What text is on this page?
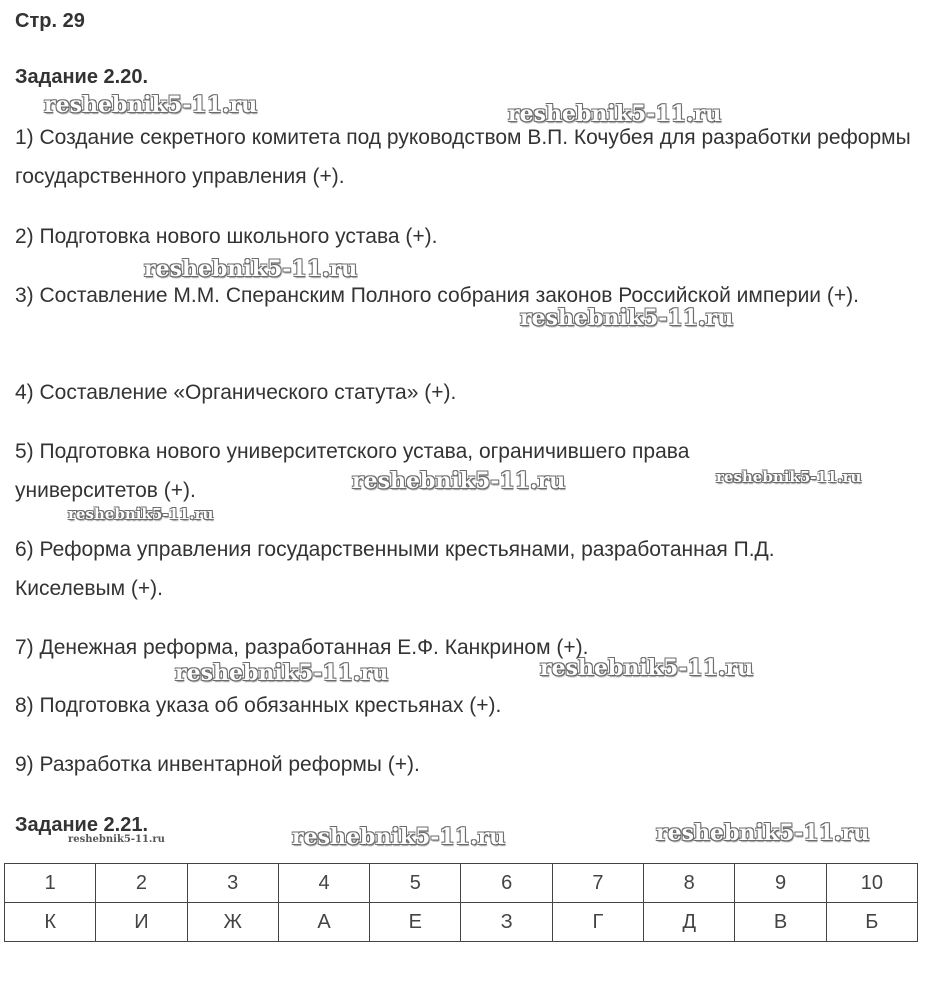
Стр. 29
Задание 2.20.
1) Создание секретного комитета под руководством В.П. Кочубея для разработки реформы государственного управления (+).
2) Подготовка нового школьного устава (+).
3) Составление М.М. Сперанским Полного собрания законов Российской империи (+).
4) Составление «Органического статута» (+).
5) Подготовка нового университетского устава, ограничившего права университетов (+).
6) Реформа управления государственными крестьянами, разработанная П.Д. Киселевым (+).
7) Денежная реформа, разработанная Е.Ф. Канкрином (+).
8) Подготовка указа об обязанных крестьянах (+).
9) Разработка инвентарной реформы (+).
Задание 2.21.
1	2	3	4	5	6	7	8	9	10
К	И	Ж	А	Е	З	Г	Д	В	Б
reshebnik5-11.ru	reshebnik5-11.ru
reshebnik5-11.ru
reshebnik5-11.ru
reshebnik5-11.ru	reshebnik5-11.ru
reshebnik5-11.ru
reshebnik5-11.ru	reshebnik5-11.ru
reshebnik5-11.ru	reshebnik5-11.ru	reshebnik5-11.ru
